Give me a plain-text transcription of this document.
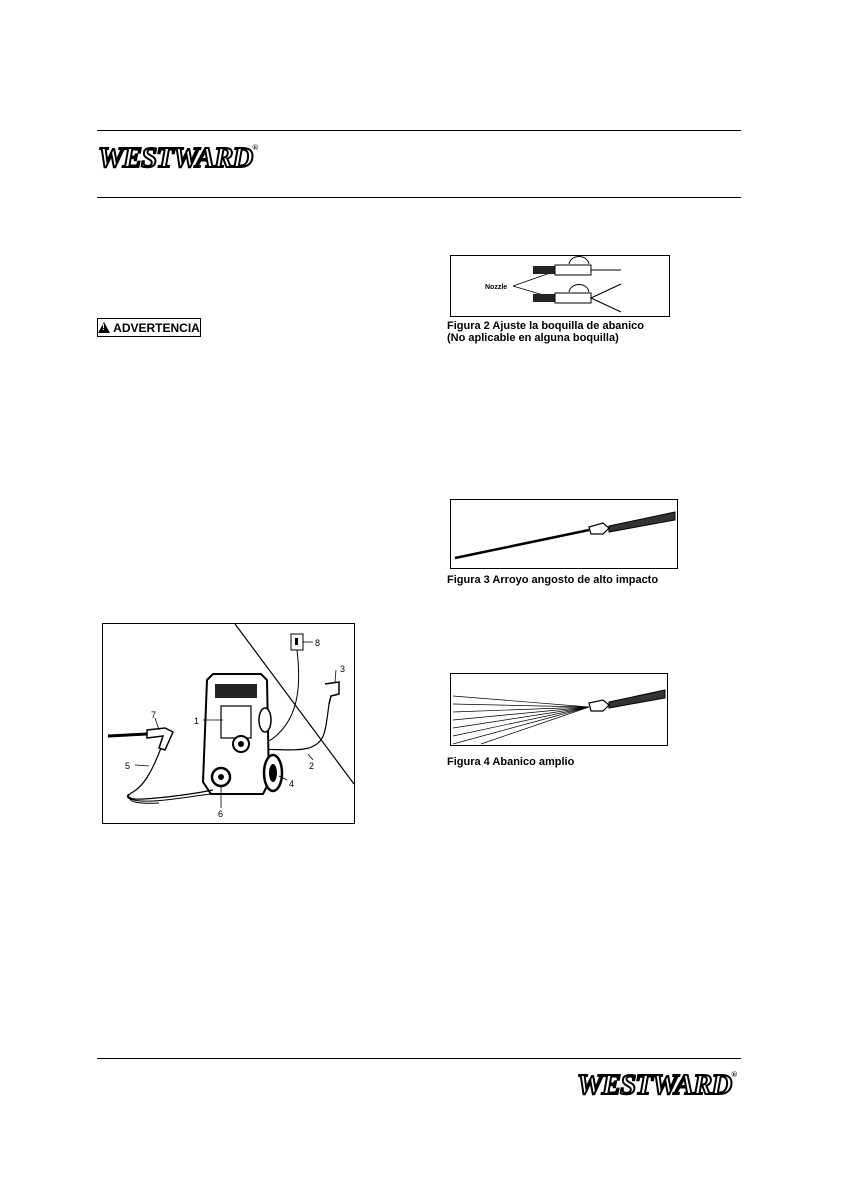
WESTWARD®
!
ADVERTENCIA
1
2
3
4
5
6
7
8
Nozzle
Figura 2 Ajuste la boquilla de abanico
(No aplicable en alguna boquilla)
Figura 3 Arroyo angosto de alto impacto
Figura 4 Abanico amplio
WESTWARD®
